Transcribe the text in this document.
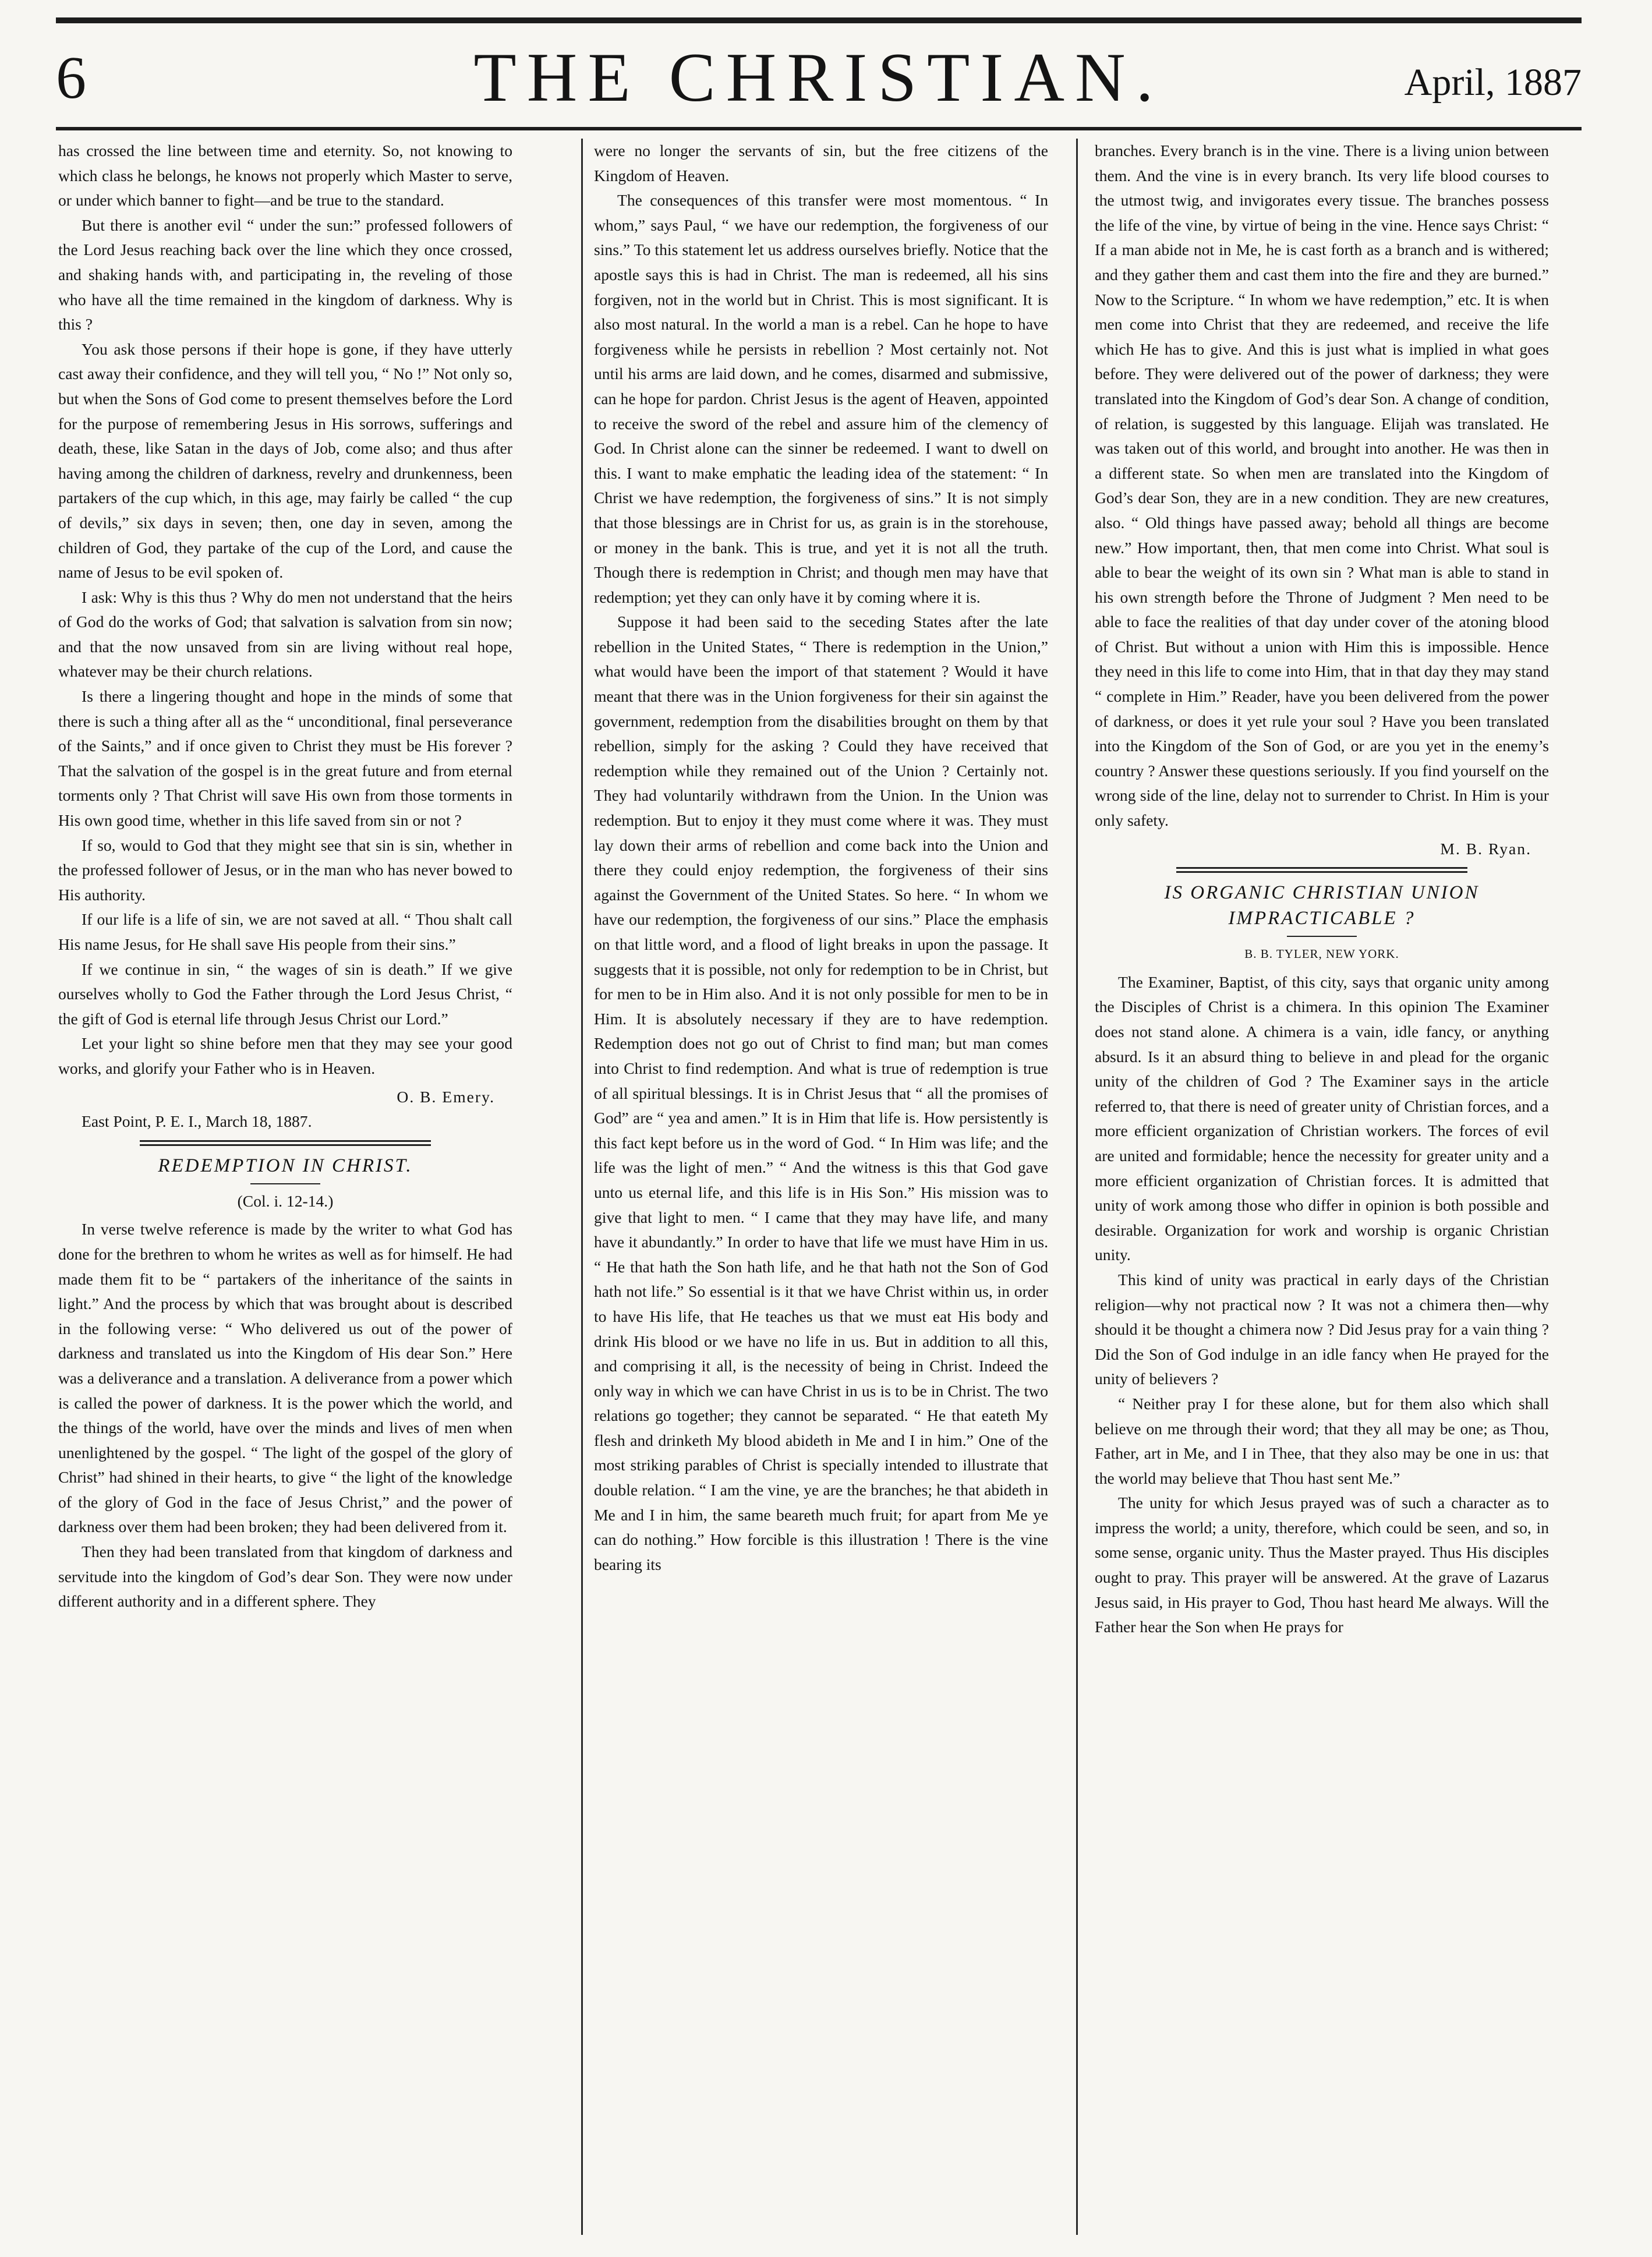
6	THE CHRISTIAN.	April, 1887

has crossed the line between time and eternity. So, not knowing to which class he belongs, he knows not properly which Master to serve, or under which banner to fight—and be true to the standard.

But there is another evil “ under the sun:” professed followers of the Lord Jesus reaching back over the line which they once crossed, and shaking hands with, and participating in, the reveling of those who have all the time remained in the kingdom of darkness. Why is this ?

You ask those persons if their hope is gone, if they have utterly cast away their confidence, and they will tell you, “ No !” Not only so, but when the Sons of God come to present themselves before the Lord for the purpose of remembering Jesus in His sorrows, sufferings and death, these, like Satan in the days of Job, come also; and thus after having among the children of darkness, revelry and drunkenness, been partakers of the cup which, in this age, may fairly be called “ the cup of devils,” six days in seven; then, one day in seven, among the children of God, they partake of the cup of the Lord, and cause the name of Jesus to be evil spoken of.

I ask: Why is this thus ? Why do men not understand that the heirs of God do the works of God; that salvation is salvation from sin now; and that the now unsaved from sin are living without real hope, whatever may be their church relations.

Is there a lingering thought and hope in the minds of some that there is such a thing after all as the “ unconditional, final perseverance of the Saints,” and if once given to Christ they must be His forever ? That the salvation of the gospel is in the great future and from eternal torments only ? That Christ will save His own from those torments in His own good time, whether in this life saved from sin or not ?

If so, would to God that they might see that sin is sin, whether in the professed follower of Jesus, or in the man who has never bowed to His authority.

If our life is a life of sin, we are not saved at all. “ Thou shalt call His name Jesus, for He shall save His people from their sins.”

If we continue in sin, “ the wages of sin is death.” If we give ourselves wholly to God the Father through the Lord Jesus Christ, “ the gift of God is eternal life through Jesus Christ our Lord.”

Let your light so shine before men that they may see your good works, and glorify your Father who is in Heaven.

O. B. Emery.

East Point, P. E. I., March 18, 1887.

REDEMPTION IN CHRIST.
(Col. i. 12-14.)

In verse twelve reference is made by the writer to what God has done for the brethren to whom he writes as well as for himself. He had made them fit to be “ partakers of the inheritance of the saints in light.” And the process by which that was brought about is described in the following verse: “ Who delivered us out of the power of darkness and translated us into the Kingdom of His dear Son.” Here was a deliverance and a translation. A deliverance from a power which is called the power of darkness. It is the power which the world, and the things of the world, have over the minds and lives of men when unenlightened by the gospel. “ The light of the gospel of the glory of Christ” had shined in their hearts, to give “ the light of the knowledge of the glory of God in the face of Jesus Christ,” and the power of darkness over them had been broken; they had been delivered from it.

Then they had been translated from that kingdom of darkness and servitude into the kingdom of God’s dear Son. They were now under different authority and in a different sphere. They

were no longer the servants of sin, but the free citizens of the Kingdom of Heaven.

The consequences of this transfer were most momentous. “ In whom,” says Paul, “ we have our redemption, the forgiveness of our sins.” To this statement let us address ourselves briefly. Notice that the apostle says this is had in Christ. The man is redeemed, all his sins forgiven, not in the world but in Christ. This is most significant. It is also most natural. In the world a man is a rebel. Can he hope to have forgiveness while he persists in rebellion ? Most certainly not. Not until his arms are laid down, and he comes, disarmed and submissive, can he hope for pardon. Christ Jesus is the agent of Heaven, appointed to receive the sword of the rebel and assure him of the clemency of God. In Christ alone can the sinner be redeemed. I want to dwell on this. I want to make emphatic the leading idea of the statement: “ In Christ we have redemption, the forgiveness of sins.” It is not simply that those blessings are in Christ for us, as grain is in the storehouse, or money in the bank. This is true, and yet it is not all the truth. Though there is redemption in Christ; and though men may have that redemption; yet they can only have it by coming where it is.

Suppose it had been said to the seceding States after the late rebellion in the United States, “ There is redemption in the Union,” what would have been the import of that statement ? Would it have meant that there was in the Union forgiveness for their sin against the government, redemption from the disabilities brought on them by that rebellion, simply for the asking ? Could they have received that redemption while they remained out of the Union ? Certainly not. They had voluntarily withdrawn from the Union. In the Union was redemption. But to enjoy it they must come where it was. They must lay down their arms of rebellion and come back into the Union and there they could enjoy redemption, the forgiveness of their sins against the Government of the United States. So here. “ In whom we have our redemption, the forgiveness of our sins.” Place the emphasis on that little word, and a flood of light breaks in upon the passage. It suggests that it is possible, not only for redemption to be in Christ, but for men to be in Him also. And it is not only possible for men to be in Him. It is absolutely necessary if they are to have redemption. Redemption does not go out of Christ to find man; but man comes into Christ to find redemption. And what is true of redemption is true of all spiritual blessings. It is in Christ Jesus that “ all the promises of God” are “ yea and amen.” It is in Him that life is. How persistently is this fact kept before us in the word of God. “ In Him was life; and the life was the light of men.” “ And the witness is this that God gave unto us eternal life, and this life is in His Son.” His mission was to give that light to men. “ I came that they may have life, and many have it abundantly.” In order to have that life we must have Him in us. “ He that hath the Son hath life, and he that hath not the Son of God hath not life.” So essential is it that we have Christ within us, in order to have His life, that He teaches us that we must eat His body and drink His blood or we have no life in us. But in addition to all this, and comprising it all, is the necessity of being in Christ. Indeed the only way in which we can have Christ in us is to be in Christ. The two relations go together; they cannot be separated. “ He that eateth My flesh and drinketh My blood abideth in Me and I in him.” One of the most striking parables of Christ is specially intended to illustrate that double relation. “ I am the vine, ye are the branches; he that abideth in Me and I in him, the same beareth much fruit; for apart from Me ye can do nothing.” How forcible is this illustration ! There is the vine bearing its

branches. Every branch is in the vine. There is a living union between them. And the vine is in every branch. Its very life blood courses to the utmost twig, and invigorates every tissue. The branches possess the life of the vine, by virtue of being in the vine. Hence says Christ: “ If a man abide not in Me, he is cast forth as a branch and is withered; and they gather them and cast them into the fire and they are burned.” Now to the Scripture. “ In whom we have redemption,” etc. It is when men come into Christ that they are redeemed, and receive the life which He has to give. And this is just what is implied in what goes before. They were delivered out of the power of darkness; they were translated into the Kingdom of God’s dear Son. A change of condition, of relation, is suggested by this language. Elijah was translated. He was taken out of this world, and brought into another. He was then in a different state. So when men are translated into the Kingdom of God’s dear Son, they are in a new condition. They are new creatures, also. “ Old things have passed away; behold all things are become new.” How important, then, that men come into Christ. What soul is able to bear the weight of its own sin ? What man is able to stand in his own strength before the Throne of Judgment ? Men need to be able to face the realities of that day under cover of the atoning blood of Christ. But without a union with Him this is impossible. Hence they need in this life to come into Him, that in that day they may stand “ complete in Him.” Reader, have you been delivered from the power of darkness, or does it yet rule your soul ? Have you been translated into the Kingdom of the Son of God, or are you yet in the enemy’s country ? Answer these questions seriously. If you find yourself on the wrong side of the line, delay not to surrender to Christ. In Him is your only safety.

M. B. Ryan.
IS ORGANIC CHRISTIAN UNION IMPRACTICABLE ?
B. B. TYLER, NEW YORK.

The Examiner, Baptist, of this city, says that organic unity among the Disciples of Christ is a chimera. In this opinion The Examiner does not stand alone. A chimera is a vain, idle fancy, or anything absurd. Is it an absurd thing to believe in and plead for the organic unity of the children of God ? The Examiner says in the article referred to, that there is need of greater unity of Christian forces, and a more efficient organization of Christian workers. The forces of evil are united and formidable; hence the necessity for greater unity and a more efficient organization of Christian forces. It is admitted that unity of work among those who differ in opinion is both possible and desirable. Organization for work and worship is organic Christian unity.

This kind of unity was practical in early days of the Christian religion—why not practical now ? It was not a chimera then—why should it be thought a chimera now ? Did Jesus pray for a vain thing ? Did the Son of God indulge in an idle fancy when He prayed for the unity of believers ?

“ Neither pray I for these alone, but for them also which shall believe on me through their word; that they all may be one; as Thou, Father, art in Me, and I in Thee, that they also may be one in us: that the world may believe that Thou hast sent Me.”

The unity for which Jesus prayed was of such a character as to impress the world; a unity, therefore, which could be seen, and so, in some sense, organic unity. Thus the Master prayed. Thus His disciples ought to pray. This prayer will be answered. At the grave of Lazarus Jesus said, in His prayer to God, Thou hast heard Me always. Will the Father hear the Son when He prays for
